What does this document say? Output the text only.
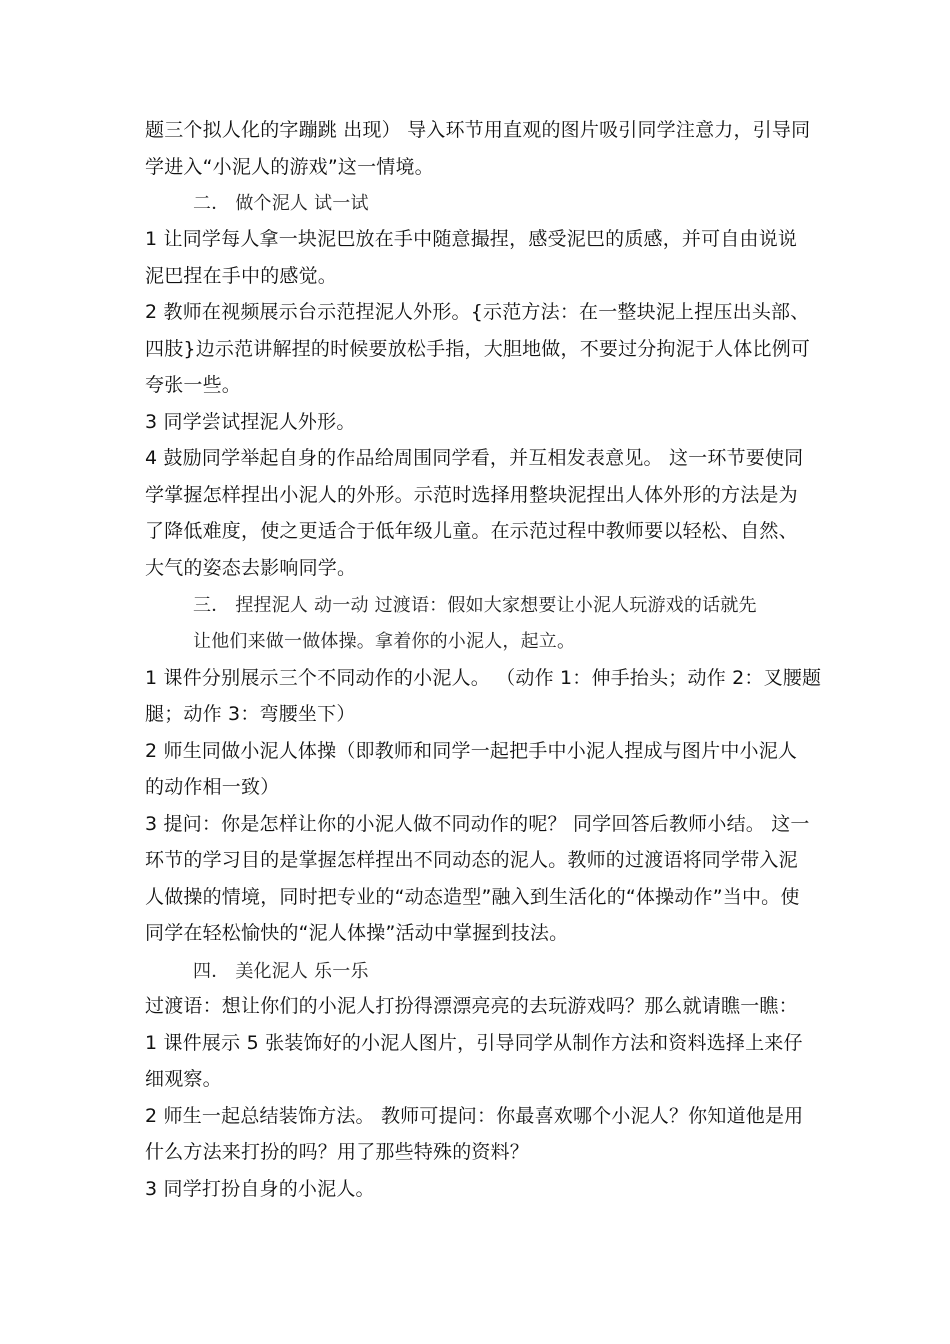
题三个拟人化的字蹦跳 出现） 导入环节用直观的图片吸引同学注意力，引导同
学进入“小泥人的游戏”这一情境。
二． 做个泥人 试一试
1 让同学每人拿一块泥巴放在手中随意撮捏，感受泥巴的质感，并可自由说说
泥巴捏在手中的感觉。
2 教师在视频展示台示范捏泥人外形。{示范方法：在一整块泥上捏压出头部、
四肢}边示范讲解捏的时候要放松手指，大胆地做，不要过分拘泥于人体比例可
夸张一些。
3 同学尝试捏泥人外形。
4 鼓励同学举起自身的作品给周围同学看，并互相发表意见。 这一环节要使同
学掌握怎样捏出小泥人的外形。示范时选择用整块泥捏出人体外形的方法是为
了降低难度，使之更适合于低年级儿童。在示范过程中教师要以轻松、自然、
大气的姿态去影响同学。
三． 捏捏泥人 动一动 过渡语：假如大家想要让小泥人玩游戏的话就先
让他们来做一做体操。拿着你的小泥人，起立。
1 课件分别展示三个不同动作的小泥人。 （动作 1：伸手抬头；动作 2：叉腰题
腿；动作 3：弯腰坐下）
2 师生同做小泥人体操（即教师和同学一起把手中小泥人捏成与图片中小泥人
的动作相一致）
3 提问：你是怎样让你的小泥人做不同动作的呢？ 同学回答后教师小结。 这一
环节的学习目的是掌握怎样捏出不同动态的泥人。教师的过渡语将同学带入泥
人做操的情境，同时把专业的“动态造型”融入到生活化的“体操动作”当中。使
同学在轻松愉快的“泥人体操”活动中掌握到技法。
四． 美化泥人 乐一乐
过渡语：想让你们的小泥人打扮得漂漂亮亮的去玩游戏吗？那么就请瞧一瞧：
1 课件展示 5 张装饰好的小泥人图片，引导同学从制作方法和资料选择上来仔
细观察。
2 师生一起总结装饰方法。 教师可提问：你最喜欢哪个小泥人？你知道他是用
什么方法来打扮的吗？用了那些特殊的资料？
3 同学打扮自身的小泥人。
